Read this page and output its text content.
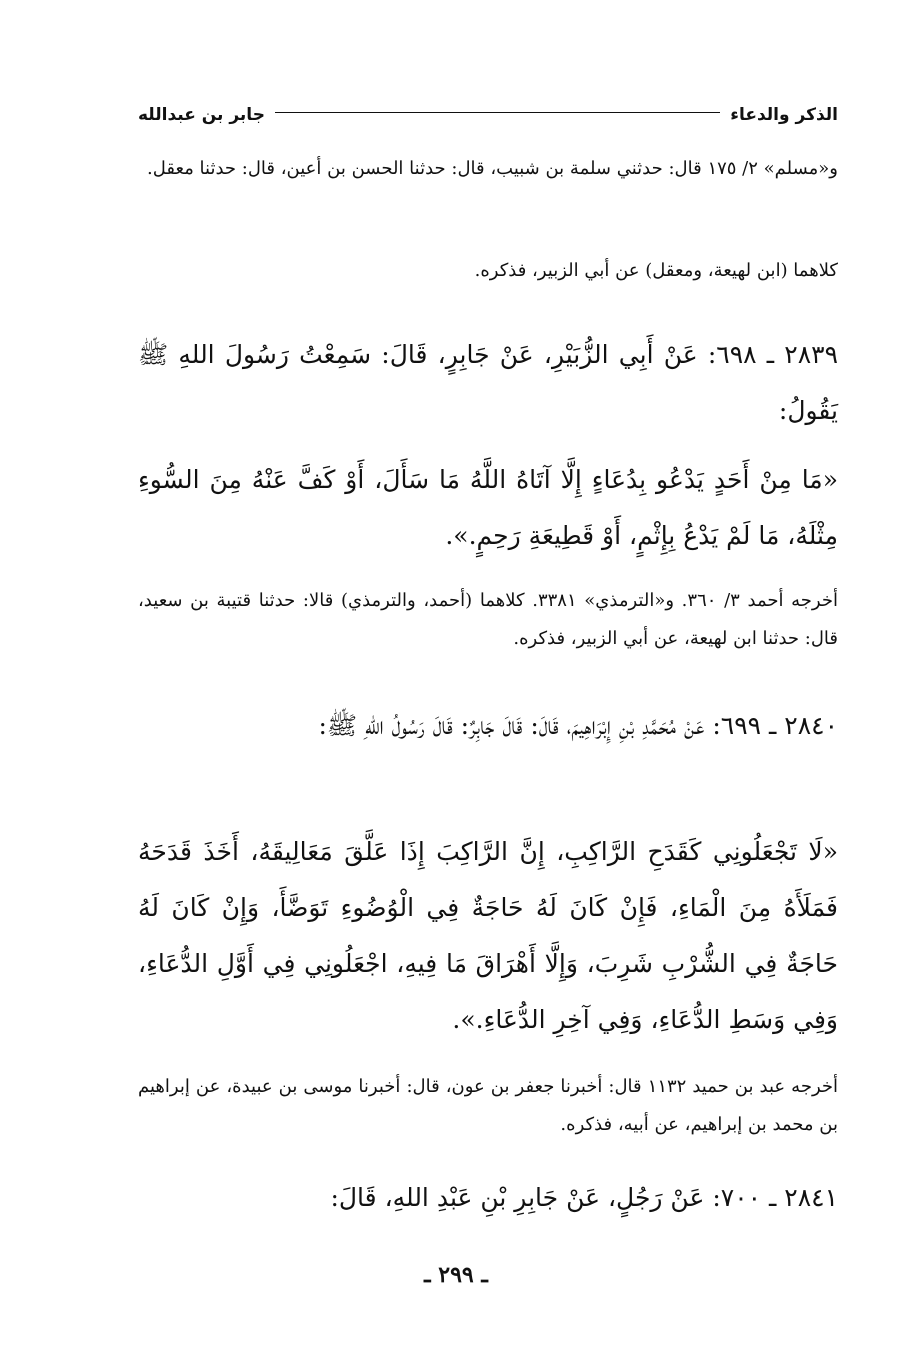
الذكر والدعاء
جابر بن عبدالله

و«مسلم» ٢/ ١٧٥ قال: حدثني سلمة بن شبيب، قال: حدثنا الحسن بن أعين، قال: حدثنا معقل.

كلاهما (ابن لهيعة، ومعقل) عن أبي الزبير، فذكره.

٢٨٣٩ ـ ٦٩٨: عَنْ أَبِي الزُّبَيْرِ، عَنْ جَابِرٍ، قَالَ: سَمِعْتُ رَسُولَ اللهِ ﷺ يَقُولُ:

«مَا مِنْ أَحَدٍ يَدْعُو بِدُعَاءٍ إِلَّا آتَاهُ اللَّهُ مَا سَأَلَ، أَوْ كَفَّ عَنْهُ مِنَ السُّوءِ مِثْلَهُ، مَا لَمْ يَدْعُ بِإِثْمٍ، أَوْ قَطِيعَةِ رَحِمٍ.».

أخرجه أحمد ٣/ ٣٦٠. و«الترمذي» ٣٣٨١. كلاهما (أحمد، والترمذي) قالا: حدثنا قتيبة بن سعيد، قال: حدثنا ابن لهيعة، عن أبي الزبير، فذكره.

٢٨٤٠ ـ ٦٩٩: عَنْ مُحَمَّدِ بْنِ إِبْرَاهِيمَ، قَالَ: قَالَ جَابِرٌ: قَالَ رَسُولُ اللهِ ﷺ:

«لَا تَجْعَلُونِي كَقَدَحِ الرَّاكِبِ، إِنَّ الرَّاكِبَ إِذَا عَلَّقَ مَعَالِيقَهُ، أَخَذَ قَدَحَهُ فَمَلَأَهُ مِنَ الْمَاءِ، فَإِنْ كَانَ لَهُ حَاجَةٌ فِي الْوُضُوءِ تَوَضَّأَ، وَإِنْ كَانَ لَهُ حَاجَةٌ فِي الشُّرْبِ شَرِبَ، وَإِلَّا أَهْرَاقَ مَا فِيهِ، اجْعَلُونِي فِي أَوَّلِ الدُّعَاءِ، وَفِي وَسَطِ الدُّعَاءِ، وَفِي آخِرِ الدُّعَاءِ.».

أخرجه عبد بن حميد ١١٣٢ قال: أخبرنا جعفر بن عون، قال: أخبرنا موسى بن عبيدة، عن إبراهيم بن محمد بن إبراهيم، عن أبيه، فذكره.

٢٨٤١ ـ ٧٠٠: عَنْ رَجُلٍ، عَنْ جَابِرِ بْنِ عَبْدِ اللهِ، قَالَ:

ـ ٢٩٩ ـ
